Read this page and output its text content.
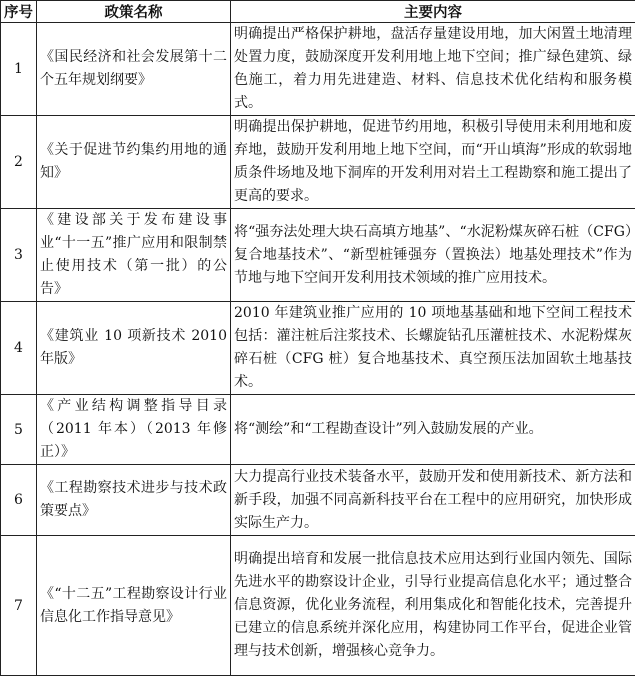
序号	政策名称	主要内容
1	《国民经济和社会发展第十二个五年规划纲要》	明确提出严格保护耕地，盘活存量建设用地，加大闲置土地清理处置力度，鼓励深度开发利用地上地下空间；推广绿色建筑、绿色施工，着力用先进建造、材料、信息技术优化结构和服务模式。
2	《关于促进节约集约用地的通知》	明确提出保护耕地，促进节约用地，积极引导使用未利用地和废弃地，鼓励开发利用地上地下空间，而“开山填海”形成的软弱地质条件场地及地下洞库的开发利用对岩土工程勘察和施工提出了更高的要求。
3	《建设部关于发布建设事业“十一五”推广应用和限制禁止使用技术（第一批）的公告》	将“强夯法处理大块石高填方地基”、“水泥粉煤灰碎石桩（CFG）复合地基技术”、“新型桩锤强夯（置换法）地基处理技术”作为节地与地下空间开发利用技术领域的推广应用技术。
4	《建筑业 10 项新技术 2010 年版》	2010 年建筑业推广应用的 10 项地基基础和地下空间工程技术包括：灌注桩后注浆技术、长螺旋钻孔压灌桩技术、水泥粉煤灰碎石桩（CFG 桩）复合地基技术、真空预压法加固软土地基技术。
5	《产业结构调整指导目录（2011 年本）（2013 年修正）》	将“测绘”和“工程勘查设计”列入鼓励发展的产业。
6	《工程勘察技术进步与技术政策要点》	大力提高行业技术装备水平，鼓励开发和使用新技术、新方法和新手段，加强不同高新科技平台在工程中的应用研究，加快形成实际生产力。
7	《“十二五”工程勘察设计行业信息化工作指导意见》	明确提出培育和发展一批信息技术应用达到行业国内领先、国际先进水平的勘察设计企业，引导行业提高信息化水平；通过整合信息资源，优化业务流程，利用集成化和智能化技术，完善提升已建立的信息系统并深化应用，构建协同工作平台，促进企业管理与技术创新，增强核心竞争力。
